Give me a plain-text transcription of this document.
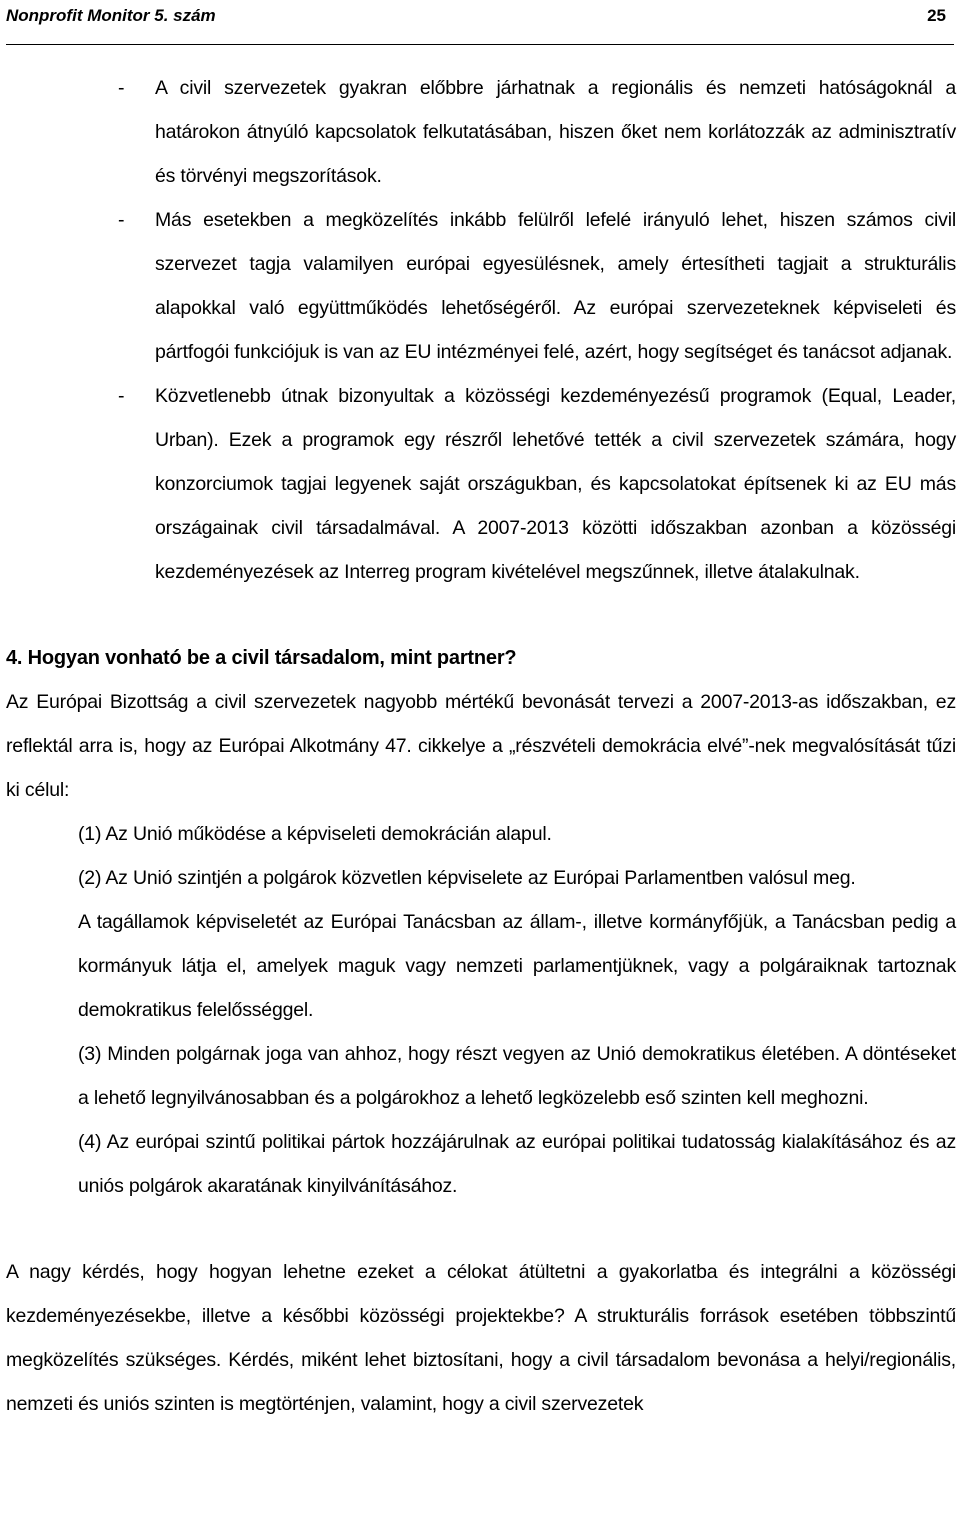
Nonprofit Monitor 5. szám	25

- A civil szervezetek gyakran előbbre járhatnak a regionális és nemzeti hatóságoknál a határokon átnyúló kapcsolatok felkutatásában, hiszen őket nem korlátozzák az adminisztratív és törvényi megszorítások.

- Más esetekben a megközelítés inkább felülről lefelé irányuló lehet, hiszen számos civil szervezet tagja valamilyen európai egyesülésnek, amely értesítheti tagjait a strukturális alapokkal való együttműködés lehetőségéről. Az európai szervezeteknek képviseleti és pártfogói funkciójuk is van az EU intézményei felé, azért, hogy segítséget és tanácsot adjanak.

- Közvetlenebb útnak bizonyultak a közösségi kezdeményezésű programok (Equal, Leader, Urban). Ezek a programok egy részről lehetővé tették a civil szervezetek számára, hogy konzorciumok tagjai legyenek saját országukban, és kapcsolatokat építsenek ki az EU más országainak civil társadalmával. A 2007-2013 közötti időszakban azonban a közösségi kezdeményezések az Interreg program kivételével megszűnnek, illetve átalakulnak.

4. Hogyan vonható be a civil társadalom, mint partner?

Az Európai Bizottság a civil szervezetek nagyobb mértékű bevonását tervezi a 2007-2013-as időszakban, ez reflektál arra is, hogy az Európai Alkotmány 47. cikkelye a „részvételi demokrácia elvé”-nek megvalósítását tűzi ki célul:

(1) Az Unió működése a képviseleti demokrácián alapul.

(2) Az Unió szintjén a polgárok közvetlen képviselete az Európai Parlamentben valósul meg.

A tagállamok képviseletét az Európai Tanácsban az állam-, illetve kormányfőjük, a Tanácsban pedig a kormányuk látja el, amelyek maguk vagy nemzeti parlamentjüknek, vagy a polgáraiknak tartoznak demokratikus felelősséggel.

(3) Minden polgárnak joga van ahhoz, hogy részt vegyen az Unió demokratikus életében. A döntéseket a lehető legnyilvánosabban és a polgárokhoz a lehető legközelebb eső szinten kell meghozni.

(4) Az európai szintű politikai pártok hozzájárulnak az európai politikai tudatosság kialakításához és az uniós polgárok akaratának kinyilvánításához.

A nagy kérdés, hogy hogyan lehetne ezeket a célokat átültetni a gyakorlatba és integrálni a közösségi kezdeményezésekbe, illetve a későbbi közösségi projektekbe? A strukturális források esetében többszintű megközelítés szükséges. Kérdés, miként lehet biztosítani, hogy a civil társadalom bevonása a helyi/regionális, nemzeti és uniós szinten is megtörténjen, valamint, hogy a civil szervezetek
